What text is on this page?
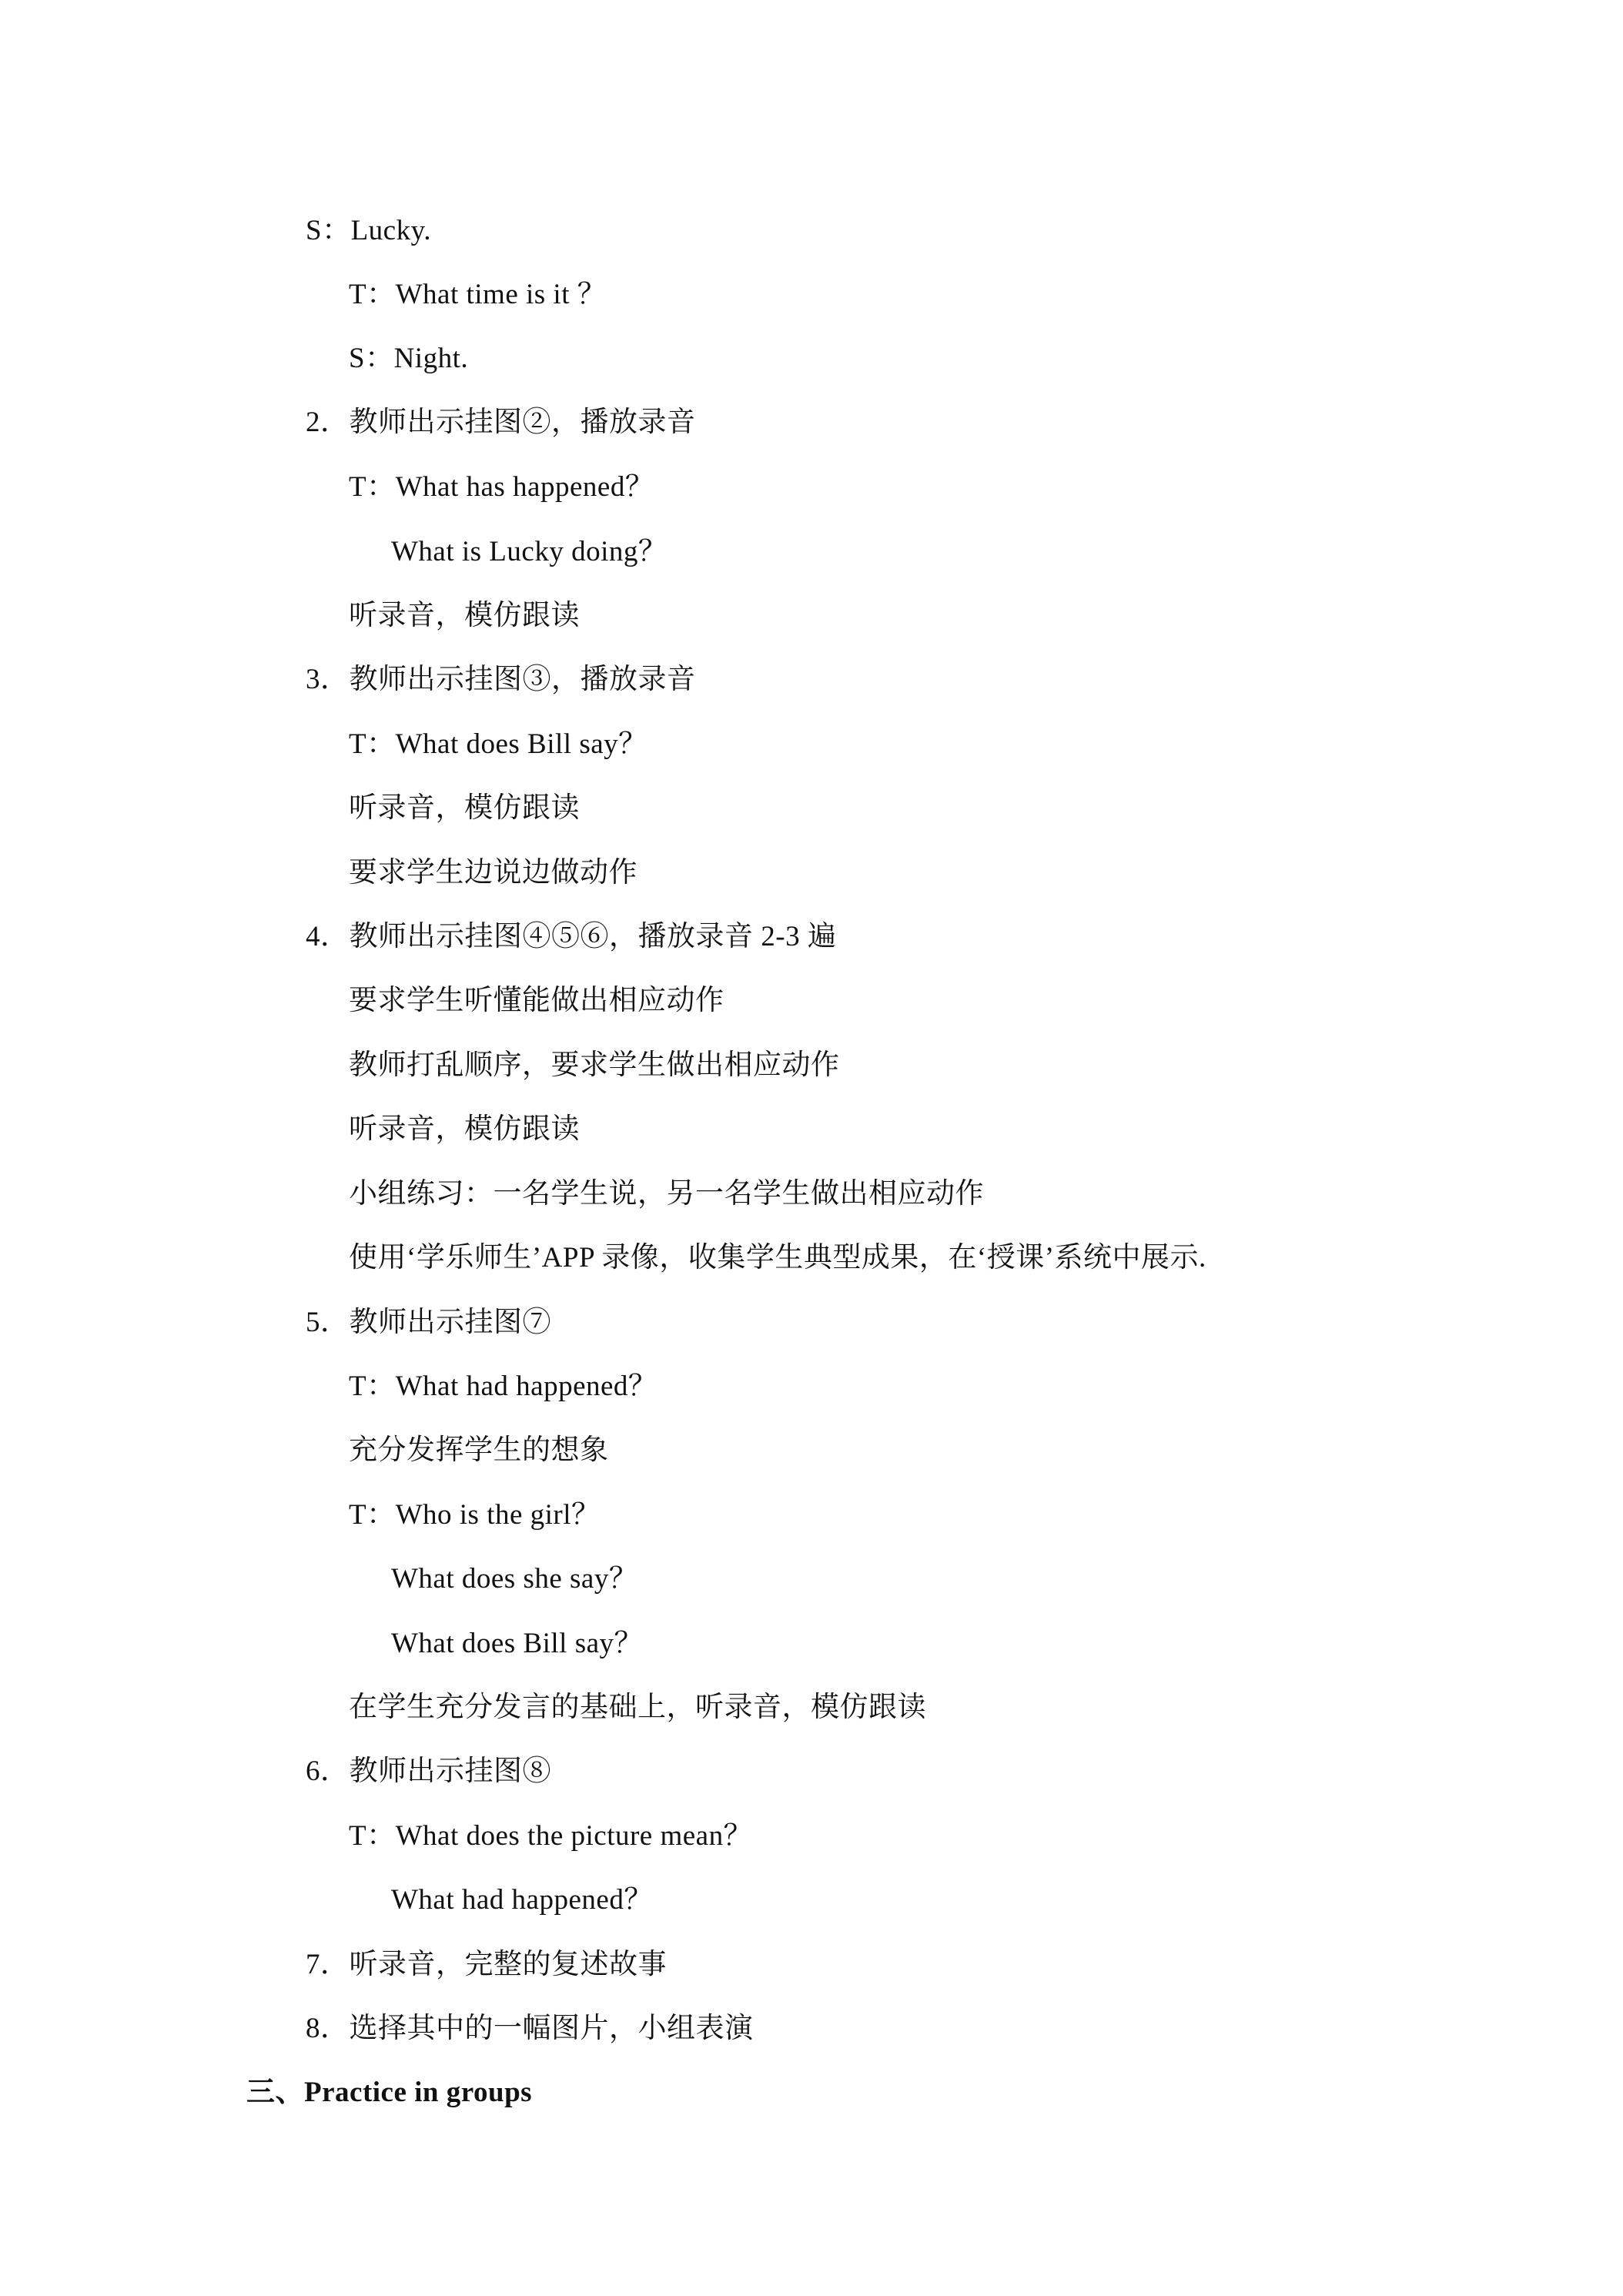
S：Lucky.
T：What time is it ？
S：Night.
2．教师出示挂图②，播放录音
T：What has happened？
What is Lucky doing？
听录音，模仿跟读
3．教师出示挂图③，播放录音
T：What does Bill say？
听录音，模仿跟读
要求学生边说边做动作
4．教师出示挂图④⑤⑥，播放录音 2-3 遍
要求学生听懂能做出相应动作
教师打乱顺序，要求学生做出相应动作
听录音，模仿跟读
小组练习：一名学生说，另一名学生做出相应动作
使用‘学乐师生’APP 录像，收集学生典型成果，在‘授课’系统中展示.
5．教师出示挂图⑦
T：What had happened？
充分发挥学生的想象
T：Who is the girl？
What does she say？
What does Bill say？
在学生充分发言的基础上，听录音，模仿跟读
6．教师出示挂图⑧
T：What does the picture mean？
What had happened？
7．听录音，完整的复述故事
8．选择其中的一幅图片，小组表演
三、Practice in groups
